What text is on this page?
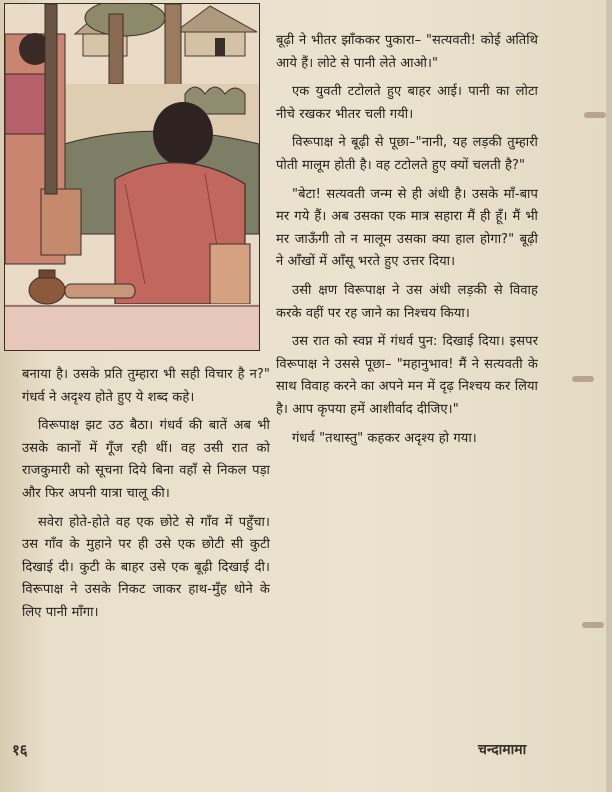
बूढ़ी ने भीतर झाँककर पुकारा– "सत्यवती! कोई अतिथि आये हैं। लोटे से पानी लेते आओ।"

एक युवती टटोलते हुए बाहर आई। पानी का लोटा नीचे रखकर भीतर चली गयी।

विरूपाक्ष ने बूढ़ी से पूछा–"नानी, यह लड़की तुम्हारी पोती मालूम होती है। वह टटोलते हुए क्यों चलती है?"

"बेटा! सत्यवती जन्म से ही अंधी है। उसके माँ-बाप मर गये हैं। अब उसका एक मात्र सहारा मैं ही हूँ। मैं भी मर जाऊँगी तो न मालूम उसका क्या हाल होगा?" बूढ़ी ने आँखों में आँसू भरते हुए उत्तर दिया।

उसी क्षण विरूपाक्ष ने उस अंधी लड़की से विवाह करके वहीं पर रह जाने का निश्चय किया।

उस रात को स्वप्न में गंधर्व पुन: दिखाई दिया। इसपर विरूपाक्ष ने उससे पूछा– "महानुभाव! मैं ने सत्यवती के साथ विवाह करने का अपने मन में दृढ़ निश्चय कर लिया है। आप कृपया हमें आशीर्वाद दीजिए।"

गंधर्व "तथास्तु" कहकर अदृश्य हो गया।

बनाया है। उसके प्रति तुम्हारा भी सही विचार है न?" गंधर्व ने अदृश्य होते हुए ये शब्द कहे।

विरूपाक्ष झट उठ बैठा। गंधर्व की बातें अब भी उसके कानों में गूँज रही थीं। वह उसी रात को राजकुमारी को सूचना दिये बिना वहाँ से निकल पड़ा और फिर अपनी यात्रा चालू की।

सवेरा होते-होते वह एक छोटे से गाँव में पहुँचा। उस गाँव के मुहाने पर ही उसे एक छोटी सी कुटी दिखाई दी। कुटी के बाहर उसे एक बूढ़ी दिखाई दी। विरूपाक्ष ने उसके निकट जाकर हाथ-मुँह धोने के लिए पानी माँगा।

१६	चन्दामामा
